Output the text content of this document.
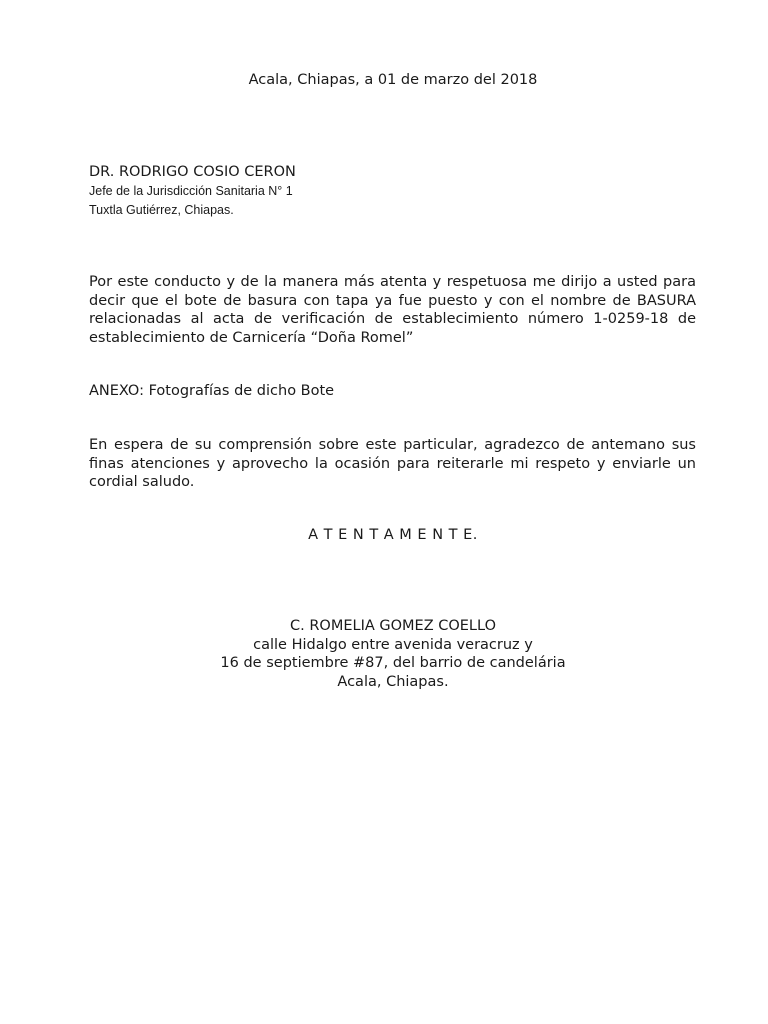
Acala, Chiapas, a 01 de marzo del 2018
DR. RODRIGO COSIO CERON
Jefe de la Jurisdicción Sanitaria N° 1
Tuxtla Gutiérrez, Chiapas.

Por este conducto y de la manera más atenta y respetuosa me dirijo a usted para decir que el bote de basura con tapa ya fue puesto y con el nombre de BASURA relacionadas al acta de verificación de establecimiento número 1-0259-18 de establecimiento de Carnicería “Doña Romel”

ANEXO: Fotografías de dicho Bote

En espera de su comprensión sobre este particular, agradezco de antemano sus finas atenciones y aprovecho la ocasión para reiterarle mi respeto y enviarle un cordial saludo.

A T E N T A M E N T E.
C. ROMELIA GOMEZ COELLO
calle Hidalgo entre avenida veracruz y
16 de septiembre #87, del barrio de candelária
Acala, Chiapas.
